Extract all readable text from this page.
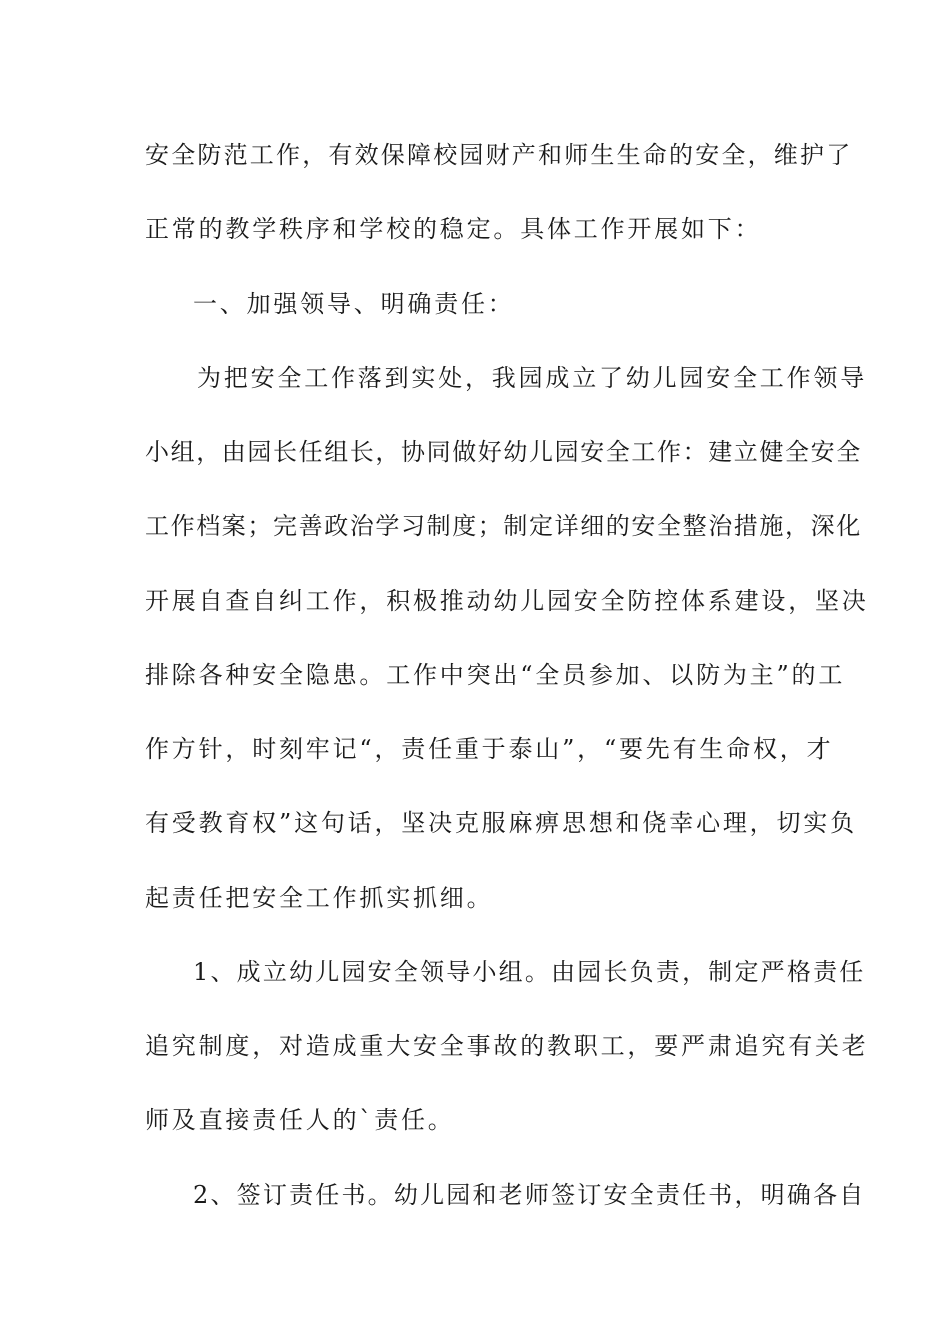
安全防范工作，有效保障校园财产和师生生命的安全，维护了
正常的教学秩序和学校的稳定。具体工作开展如下：
一、加强领导、明确责任：
为把安全工作落到实处，我园成立了幼儿园安全工作领导
小组，由园长任组长，协同做好幼儿园安全工作：建立健全安全
工作档案；完善政治学习制度；制定详细的安全整治措施，深化
开展自查自纠工作，积极推动幼儿园安全防控体系建设，坚决
排除各种安全隐患。工作中突出“全员参加、以防为主”的工
作方针，时刻牢记“，责任重于泰山”，“要先有生命权，才
有受教育权”这句话，坚决克服麻痹思想和侥幸心理，切实负
起责任把安全工作抓实抓细。
1、成立幼儿园安全领导小组。由园长负责，制定严格责任
追究制度，对造成重大安全事故的教职工，要严肃追究有关老
师及直接责任人的`责任。
2、签订责任书。幼儿园和老师签订安全责任书，明确各自
